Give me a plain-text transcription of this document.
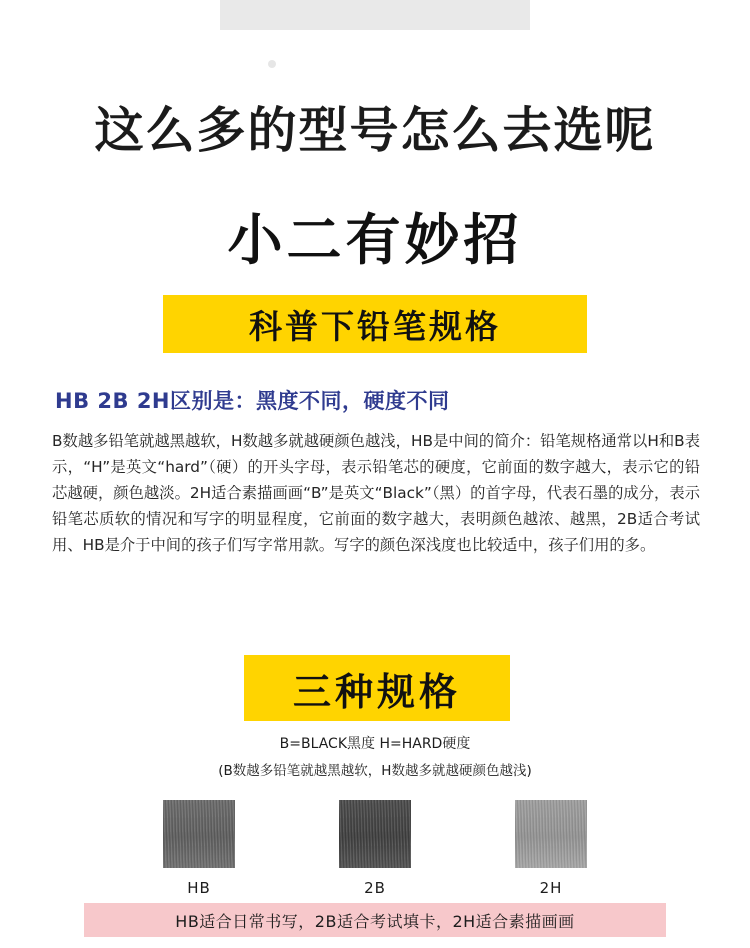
这么多的型号怎么去选呢
小二有妙招
科普下铅笔规格
HB 2B 2H区别是：黑度不同，硬度不同
B数越多铅笔就越黑越软，H数越多就越硬颜色越浅，HB是中间的简介：铅笔规格通常以H和B表示，“H”是英文“hard”（硬）的开头字母，表示铅笔芯的硬度，它前面的数字越大，表示它的铅芯越硬，颜色越淡。2H适合素描画画“B”是英文“Black”（黑）的首字母，代表石墨的成分，表示铅笔芯质软的情况和写字的明显程度，它前面的数字越大，表明颜色越浓、越黑，2B适合考试用、HB是介于中间的孩子们写字常用款。写字的颜色深浅度也比较适中，孩子们用的多。
三种规格
B=BLACK黑度 H=HARD硬度
(B数越多铅笔就越黑越软，H数越多就越硬颜色越浅)
HB	2B	2H
HB适合日常书写，2B适合考试填卡，2H适合素描画画
